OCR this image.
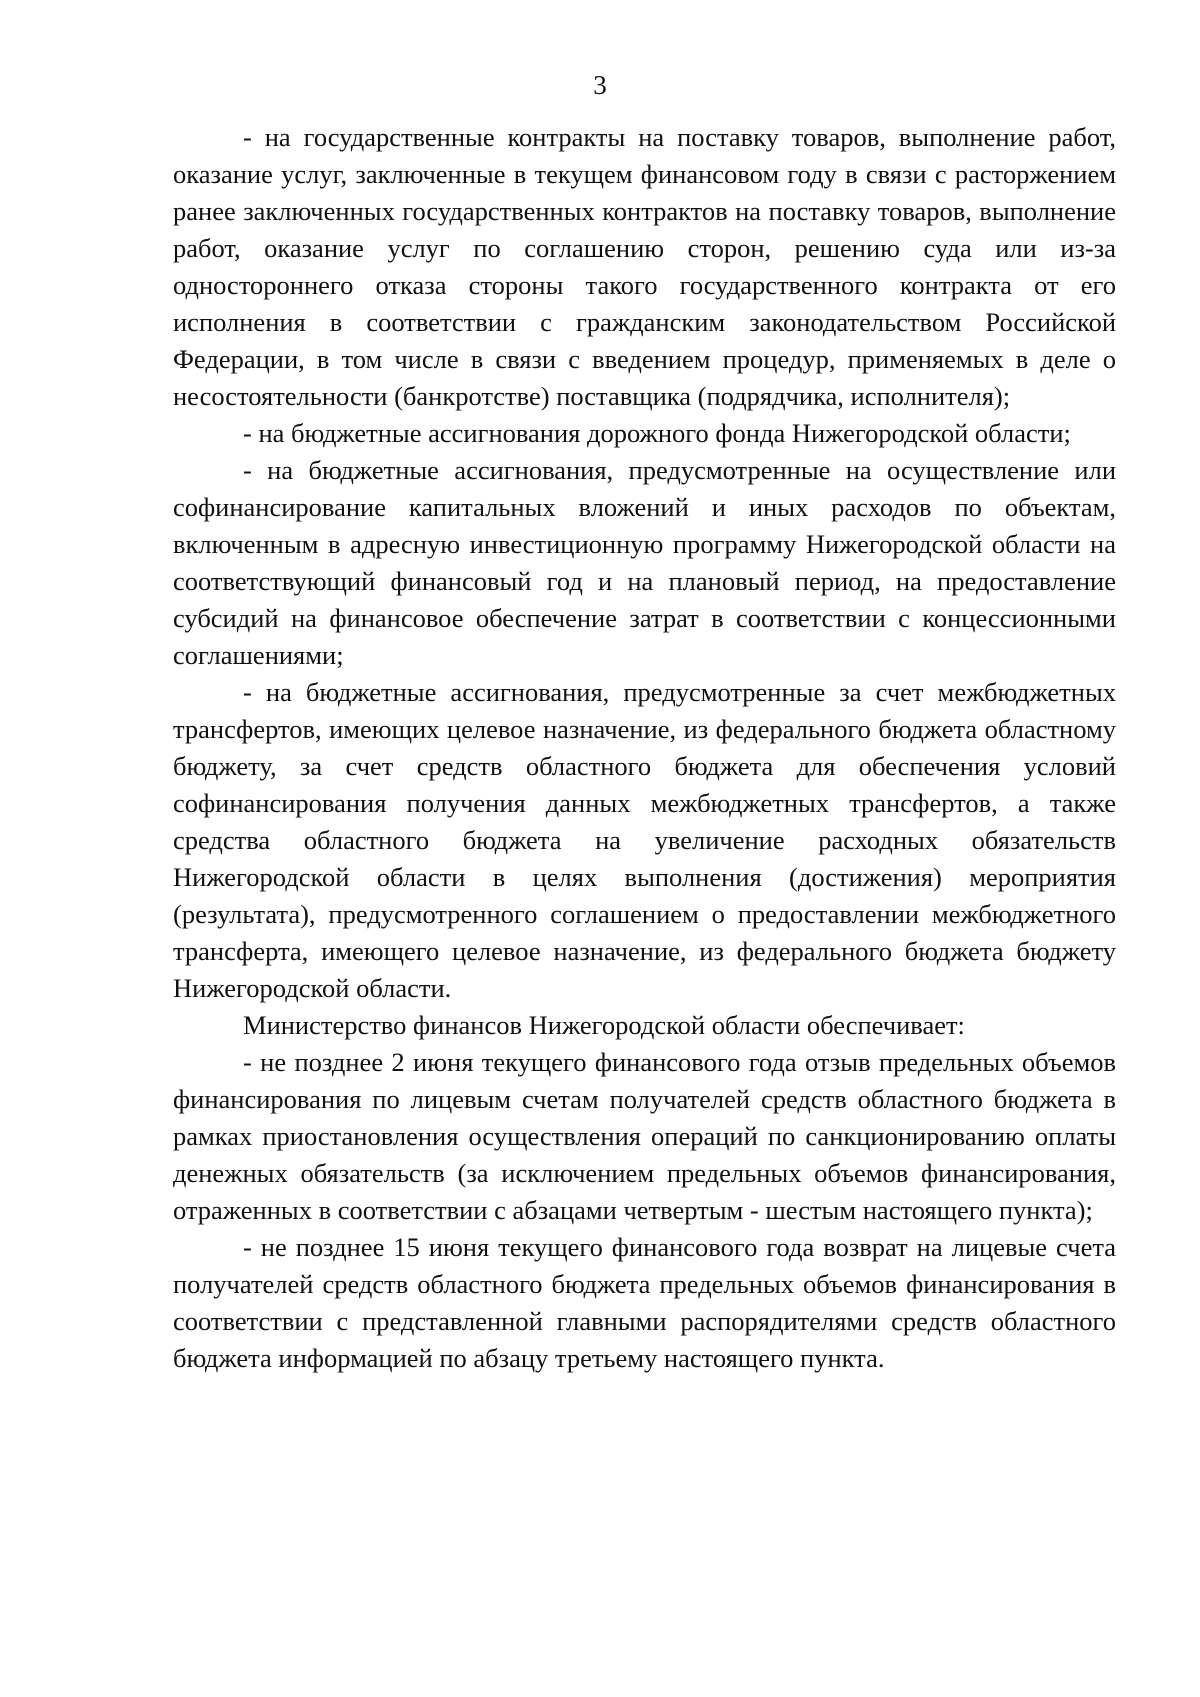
3

- на государственные контракты на поставку товаров, выполнение работ, оказание услуг, заключенные в текущем финансовом году в связи с расторжением ранее заключенных государственных контрактов на поставку товаров, выполнение работ, оказание услуг по соглашению сторон, решению суда или из-за одностороннего отказа стороны такого государственного контракта от его исполнения в соответствии с гражданским законодательством Российской Федерации, в том числе в связи с введением процедур, применяемых в деле о несостоятельности (банкротстве) поставщика (подрядчика, исполнителя);

- на бюджетные ассигнования дорожного фонда Нижегородской области;

- на бюджетные ассигнования, предусмотренные на осуществление или софинансирование капитальных вложений и иных расходов по объектам, включенным в адресную инвестиционную программу Нижегородской области на соответствующий финансовый год и на плановый период, на предоставление субсидий на финансовое обеспечение затрат в соответствии с концессионными соглашениями;

- на бюджетные ассигнования, предусмотренные за счет межбюджетных трансфертов, имеющих целевое назначение, из федерального бюджета областному бюджету, за счет средств областного бюджета для обеспечения условий софинансирования получения данных межбюджетных трансфертов, а также средства областного бюджета на увеличение расходных обязательств Нижегородской области в целях выполнения (достижения) мероприятия (результата), предусмотренного соглашением о предоставлении межбюджетного трансферта, имеющего целевое назначение, из федерального бюджета бюджету Нижегородской области.

Министерство финансов Нижегородской области обеспечивает:

- не позднее 2 июня текущего финансового года отзыв предельных объемов финансирования по лицевым счетам получателей средств областного бюджета в рамках приостановления осуществления операций по санкционированию оплаты денежных обязательств (за исключением предельных объемов финансирования, отраженных в соответствии с абзацами четвертым - шестым настоящего пункта);

- не позднее 15 июня текущего финансового года возврат на лицевые счета получателей средств областного бюджета предельных объемов финансирования в соответствии с представленной главными распорядителями средств областного бюджета информацией по абзацу третьему настоящего пункта.
